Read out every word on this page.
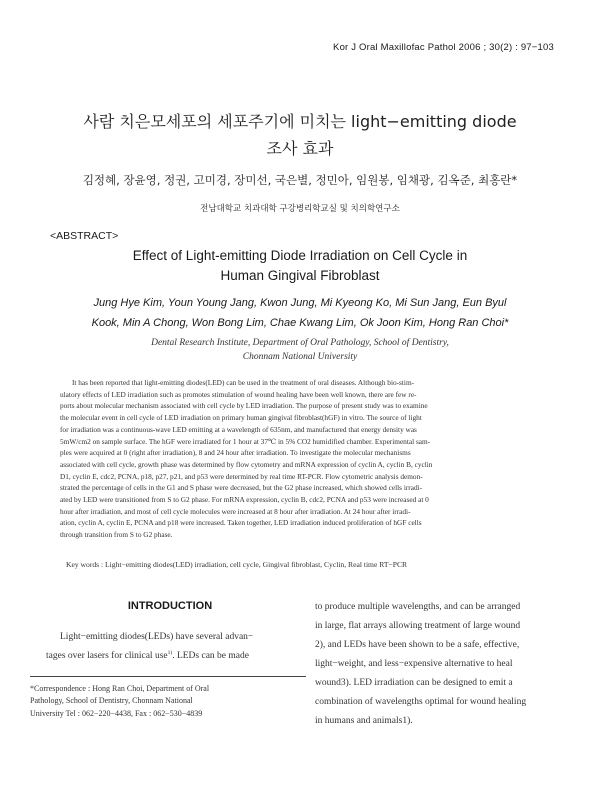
Kor J Oral Maxillofac Pathol 2006 ; 30(2) : 97−103
사람 치은모세포의 세포주기에 미치는 light−emitting diode
조사 효과
김정혜, 장윤영, 정권, 고미경, 장미선, 국은별, 정민아, 임원봉, 임채광, 김옥준, 최홍란*
전남대학교 치과대학 구강병리학교실 및 치의학연구소
<ABSTRACT>
Effect of Light-emitting Diode Irradiation on Cell Cycle in
Human Gingival Fibroblast
Jung Hye Kim, Youn Young Jang, Kwon Jung, Mi Kyeong Ko, Mi Sun Jang, Eun Byul
Kook, Min A Chong, Won Bong Lim, Chae Kwang Lim, Ok Joon Kim, Hong Ran Choi*
Dental Research Institute, Department of Oral Pathology, School of Dentistry,
Chonnam National University
It has been reported that light-emitting diodes(LED) can be used in the treatment of oral diseases. Although bio-stim-
ulatory effects of LED irradiation such as promotes stimulation of wound healing have been well known, there are few re-
ports about molecular mechanism associated with cell cycle by LED irradiation. The purpose of present study was to examine
the molecular event in cell cycle of LED irradiation on primary human gingival fibroblast(hGF) in vitro. The source of light
for irradiation was a continuous-wave LED emitting at a wavelength of 635nm, and manufactured that energy density was
5mW/cm2 on sample surface. The hGF were irradiated for 1 hour at 37℃ in 5% CO2 humidified chamber. Experimental sam-
ples were acquired at 0 (right after irradiation), 8 and 24 hour after irradiation. To investigate the molecular mechanisms
associated with cell cycle, growth phase was determined by flow cytometry and mRNA expression of cyclin A, cyclin B, cyclin
D1, cyclin E, cdc2, PCNA, p18, p27, p21, and p53 were determined by real time RT-PCR. Flow cytometric analysis demon-
strated the percentage of cells in the G1 and S phase were decreased, but the G2 phase increased, which showed cells irradi-
ated by LED were transitioned from S to G2 phase. For mRNA expression, cyclin B, cdc2, PCNA and p53 were increased at 0
hour after irradiation, and most of cell cycle molecules were increased at 8 hour after irradiation. At 24 hour after irradi-
ation, cyclin A, cyclin E, PCNA and p18 were increased. Taken together, LED irradiation induced proliferation of hGF cells
through transition from S to G2 phase.
Key words : Light−emitting diodes(LED) irradiation, cell cycle, Gingival fibroblast, Cyclin, Real time RT−PCR
INTRODUCTION
Light−emitting diodes(LEDs) have several advan−
tages over lasers for clinical use$^{1)}$. LEDs can be made
*Correspondence : Hong Ran Choi, Department of Oral
Pathology, School of Dentistry, Chonnam National
University Tel : 062−220−4438, Fax : 062−530−4839
to produce multiple wavelengths, and can be arranged
in large, flat arrays allowing treatment of large wound
2), and LEDs have been shown to be a safe, effective,
light−weight, and less−expensive alternative to heal
wound3). LED irradiation can be designed to emit a
combination of wavelengths optimal for wound healing
in humans and animals1).
